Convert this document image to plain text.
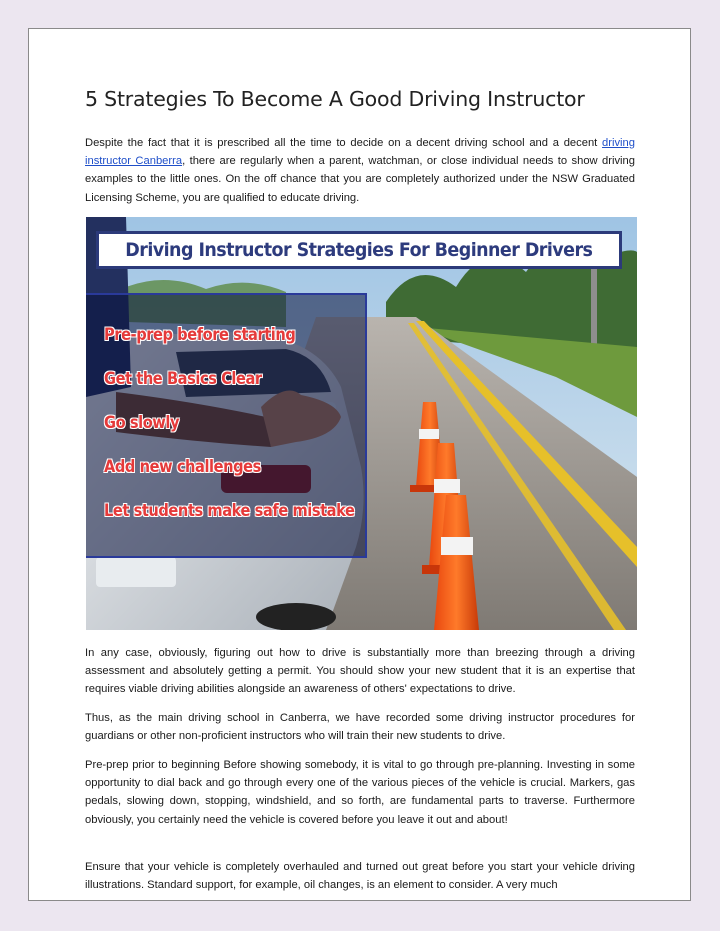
5 Strategies To Become A Good Driving Instructor

Despite the fact that it is prescribed all the time to decide on a decent driving school and a decent driving instructor Canberra, there are regularly when a parent, watchman, or close individual needs to show driving examples to the little ones. On the off chance that you are completely authorized under the NSW Graduated Licensing Scheme, you are qualified to educate driving.

Driving Instructor Strategies For Beginner Drivers
Pre-prep before starting
Get the Basics Clear
Go slowly
Add new challenges
Let students make safe mistake

In any case, obviously, figuring out how to drive is substantially more than breezing through a driving assessment and absolutely getting a permit. You should show your new student that it is an expertise that requires viable driving abilities alongside an awareness of others' expectations to drive.

Thus, as the main driving school in Canberra, we have recorded some driving instructor procedures for guardians or other non-proficient instructors who will train their new students to drive.

Pre-prep prior to beginning Before showing somebody, it is vital to go through pre-planning. Investing in some opportunity to dial back and go through every one of the various pieces of the vehicle is crucial. Markers, gas pedals, slowing down, stopping, windshield, and so forth, are fundamental parts to traverse. Furthermore obviously, you certainly need the vehicle is covered before you leave it out and about!

Ensure that your vehicle is completely overhauled and turned out great before you start your vehicle driving illustrations. Standard support, for example, oil changes, is an element to consider. A very much
